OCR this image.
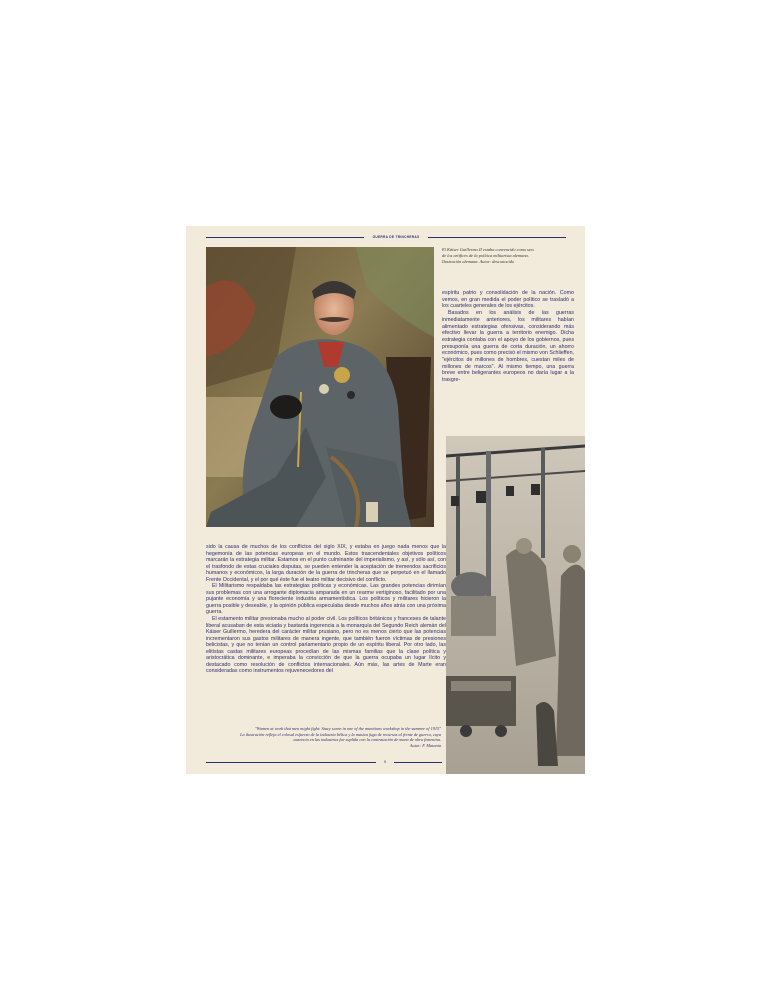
GUERRA DE TRINCHERAS
El Káiser Guillermo II estaba convencido como uno
de los artífices de la política militarista alemana.
Ilustración alemana. Autor: desconocido

espíritu patrio y consolidación de la nación. Como vemos, en gran medida el poder político se trasladó a los cuarteles generales de los ejércitos.

Basados en los análisis de las guerras inmediatamente anteriores, los militares habían alimentado estrategias ofensivas, considerando más efectivo llevar la guerra a territorio enemigo. Dicha estrategia contaba con el apoyo de los gobiernos, pues presuponía una guerra de corta duración, un ahorro económico, pues como precisó el mismo von Schlieffen, "ejércitos de millones de hombres, cuestan miles de millones de marcos". Al mismo tiempo, una guerra breve entre beligerantes europeos no daría lugar a la trasgre-

sido la causa de muchos de los conflictos del siglo XIX, y estaba en juego nada menos que la hegemonía de las potencias europeas en el mundo. Estos trascendentales objetivos políticos marcarán la estrategia militar. Estamos en el punto culminante del imperialismo, y así, y sólo así, con el trasfondo de estas cruciales disputas, se pueden entender la aceptación de tremendos sacrificios humanos y económicos, la larga duración de la guerra de trincheras que se perpetuó en el llamado Frente Occidental, y el por qué éste fue el teatro militar decisivo del conflicto.

El Militarismo respaldaba las estrategias políticas y económicas. Las grandes potencias dirimían sus problemas con una arrogante diplomacia amparada en un rearme vertiginoso, facilitado por una pujante economía y una floreciente industria armamentística. Los políticos y militares hicieron la guerra posible y deseable, y la opinión pública especulaba desde muchos años atrás con una próxima guerra.

El estamento militar presionaba mucho al poder civil. Los políticos británicos y franceses de talante liberal acusaban de esta viciada y bastarda ingerencia a la monarquía del Segundo Reich alemán del Káiser Guillermo, heredera del carácter militar prusiano, pero no es menos cierto que las potencias incrementaron sus gastos militares de manera ingente, que también fueron víctimas de presiones belicistas, y que no tenían un control parlamentario propio de un espíritu liberal. Por otro lado, las elitistas castas militares europeas procedían de las mismas familias que la clase política y aristocrática dominante, e imperaba la convicción de que la guerra ocupaba un lugar lícito y destacado como resolución de conflictos internacionales. Aún más, las artes de Marte eran consideradas como instrumentos rejuvenecedores del

"Women at work that men might fight: Stacy scene in one of the munitions workshop in the summer of 1915"
La ilustración refleja el colosal esfuerzo de la industria bélica y la masiva fuga de recursos al frente de guerra, cuya
ausencia en las industrias fue suplida con la contratación de mano de obra femenina.
Autor: F. Matania
9
